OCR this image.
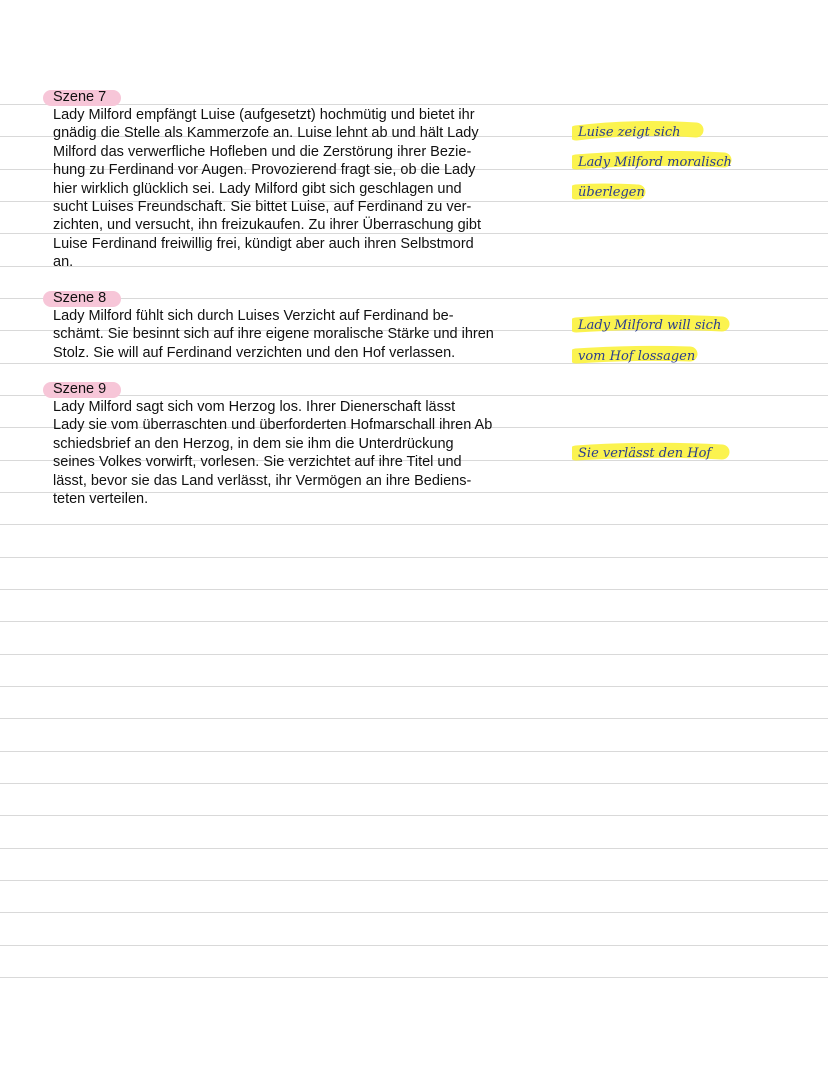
Szene 7

Lady Milford empfängt Luise (aufgesetzt) hochmütig und bietet ihr
gnädig die Stelle als Kammerzofe an. Luise lehnt ab und hält Lady
Milford das verwerfliche Hofleben und die Zerstörung ihrer Bezie-
hung zu Ferdinand vor Augen. Provozierend fragt sie, ob die Lady
hier wirklich glücklich sei. Lady Milford gibt sich geschlagen und
sucht Luises Freundschaft. Sie bittet Luise, auf Ferdinand zu ver-
zichten, und versucht, ihn freizukaufen. Zu ihrer Überraschung gibt
Luise Ferdinand freiwillig frei, kündigt aber auch ihren Selbstmord
an.

Szene 8

Lady Milford fühlt sich durch Luises Verzicht auf Ferdinand be-
schämt. Sie besinnt sich auf ihre eigene moralische Stärke und ihren
Stolz. Sie will auf Ferdinand verzichten und den Hof verlassen.

Szene 9

Lady Milford sagt sich vom Herzog los. Ihrer Dienerschaft lässt
Lady sie vom überraschten und überforderten Hofmarschall ihren Ab
schiedsbrief an den Herzog, in dem sie ihm die Unterdrückung
seines Volkes vorwirft, vorlesen. Sie verzichtet auf ihre Titel und
lässt, bevor sie das Land verlässt, ihr Vermögen an ihre Bediens-
teten verteilen.

Luise zeigt sich
Lady Milford moralisch
überlegen
Lady Milford will sich
vom Hof lossagen
Sie verlässt den Hof
